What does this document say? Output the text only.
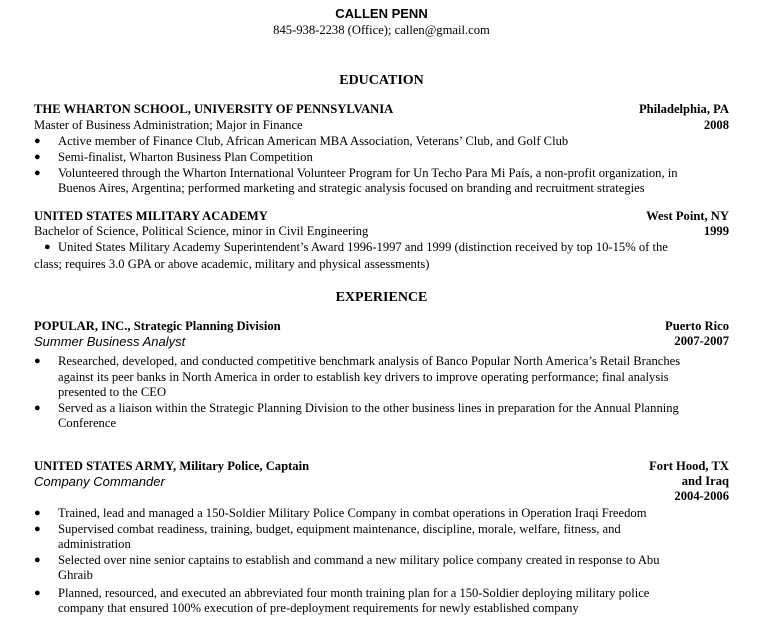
CALLEN PENN
845-938-2238 (Office); callen@gmail.com
EDUCATION
THE WHARTON SCHOOL, UNIVERSITY OF PENNSYLVANIA	Philadelphia, PA
Master of Business Administration; Major in Finance	2008
● Active member of Finance Club, African American MBA Association, Veterans’ Club, and Golf Club
● Semi-finalist, Wharton Business Plan Competition
● Volunteered through the Wharton International Volunteer Program for Un Techo Para Mi País, a non-profit organization, in
Buenos Aires, Argentina; performed marketing and strategic analysis focused on branding and recruitment strategies
UNITED STATES MILITARY ACADEMY	West Point, NY
Bachelor of Science, Political Science, minor in Civil Engineering	1999
● United States Military Academy Superintendent’s Award 1996-1997 and 1999 (distinction received by top 10-15% of the
class; requires 3.0 GPA or above academic, military and physical assessments)
EXPERIENCE
POPULAR, INC., Strategic Planning Division	Puerto Rico
Summer Business Analyst	2007-2007
● Researched, developed, and conducted competitive benchmark analysis of Banco Popular North America’s Retail Branches
against its peer banks in North America in order to establish key drivers to improve operating performance; final analysis
presented to the CEO
● Served as a liaison within the Strategic Planning Division to the other business lines in preparation for the Annual Planning
Conference
UNITED STATES ARMY, Military Police, Captain	Fort Hood, TX
Company Commander	and Iraq
2004-2006
● Trained, lead and managed a 150-Soldier Military Police Company in combat operations in Operation Iraqi Freedom
● Supervised combat readiness, training, budget, equipment maintenance, discipline, morale, welfare, fitness, and
administration
● Selected over nine senior captains to establish and command a new military police company created in response to Abu
Ghraib
● Planned, resourced, and executed an abbreviated four month training plan for a 150-Soldier deploying military police
company that ensured 100% execution of pre-deployment requirements for newly established company
